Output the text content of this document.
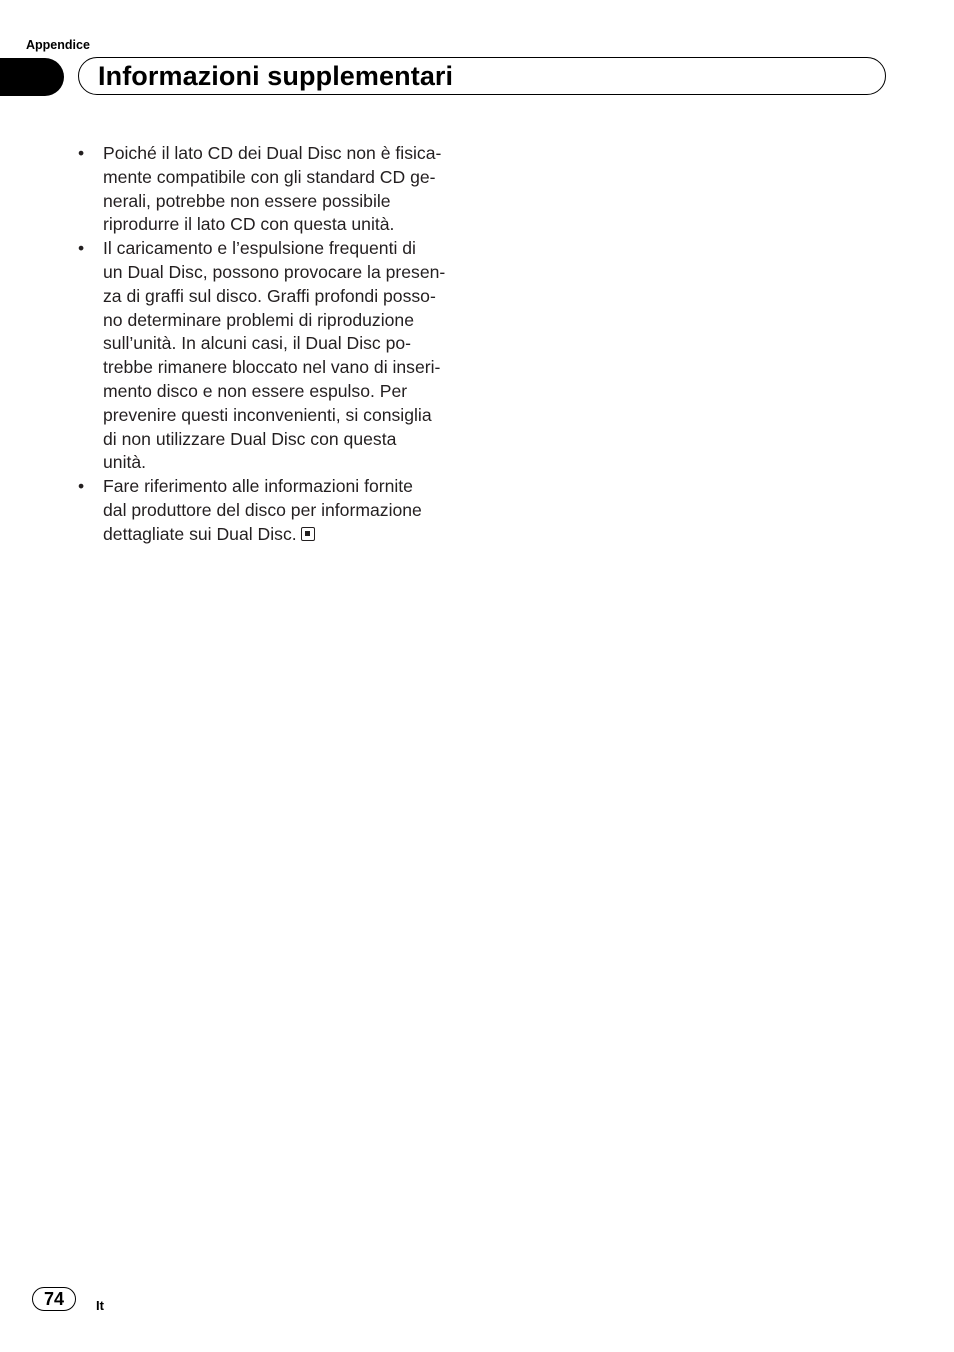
Appendice
Informazioni supplementari
•	Poiché il lato CD dei Dual Disc non è fisica-
mente compatibile con gli standard CD ge-
nerali, potrebbe non essere possibile
riprodurre il lato CD con questa unità.
•	Il caricamento e l’espulsione frequenti di
un Dual Disc, possono provocare la presen-
za di graffi sul disco. Graffi profondi posso-
no determinare problemi di riproduzione
sull’unità. In alcuni casi, il Dual Disc po-
trebbe rimanere bloccato nel vano di inseri-
mento disco e non essere espulso. Per
prevenire questi inconvenienti, si consiglia
di non utilizzare Dual Disc con questa
unità.
•	Fare riferimento alle informazioni fornite
dal produttore del disco per informazione
dettagliate sui Dual Disc.
74	It
